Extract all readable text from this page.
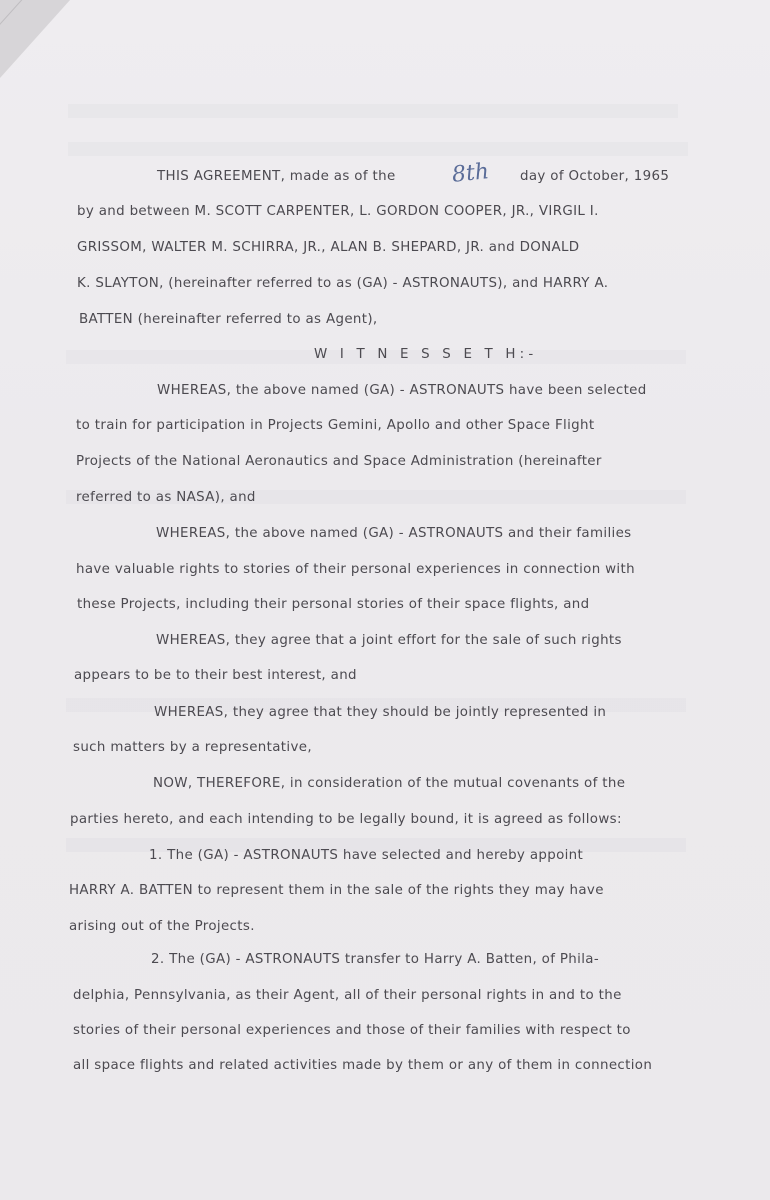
THIS AGREEMENT, made as of the	8th day of October, 1965
by and between M. SCOTT CARPENTER, L. GORDON COOPER, JR., VIRGIL I.
GRISSOM, WALTER M. SCHIRRA, JR., ALAN B. SHEPARD, JR. and DONALD
K. SLAYTON, (hereinafter referred to as (GA) - ASTRONAUTS), and HARRY A.
BATTEN (hereinafter referred to as Agent),
W I T N E S S E T H:-
WHEREAS, the above named (GA) - ASTRONAUTS have been selected
to train for participation in Projects Gemini, Apollo and other Space Flight
Projects of the National Aeronautics and Space Administration (hereinafter
referred to as NASA), and
WHEREAS, the above named (GA) - ASTRONAUTS and their families
have valuable rights to stories of their personal experiences in connection with
these Projects, including their personal stories of their space flights, and
WHEREAS, they agree that a joint effort for the sale of such rights
appears to be to their best interest, and
WHEREAS, they agree that they should be jointly represented in
such matters by a representative,
NOW, THEREFORE, in consideration of the mutual covenants of the
parties hereto, and each intending to be legally bound, it is agreed as follows:
1. The (GA) - ASTRONAUTS have selected and hereby appoint
HARRY A. BATTEN to represent them in the sale of the rights they may have
arising out of the Projects.
2. The (GA) - ASTRONAUTS transfer to Harry A. Batten, of Phila-
delphia, Pennsylvania, as their Agent, all of their personal rights in and to the
stories of their personal experiences and those of their families with respect to
all space flights and related activities made by them or any of them in connection
